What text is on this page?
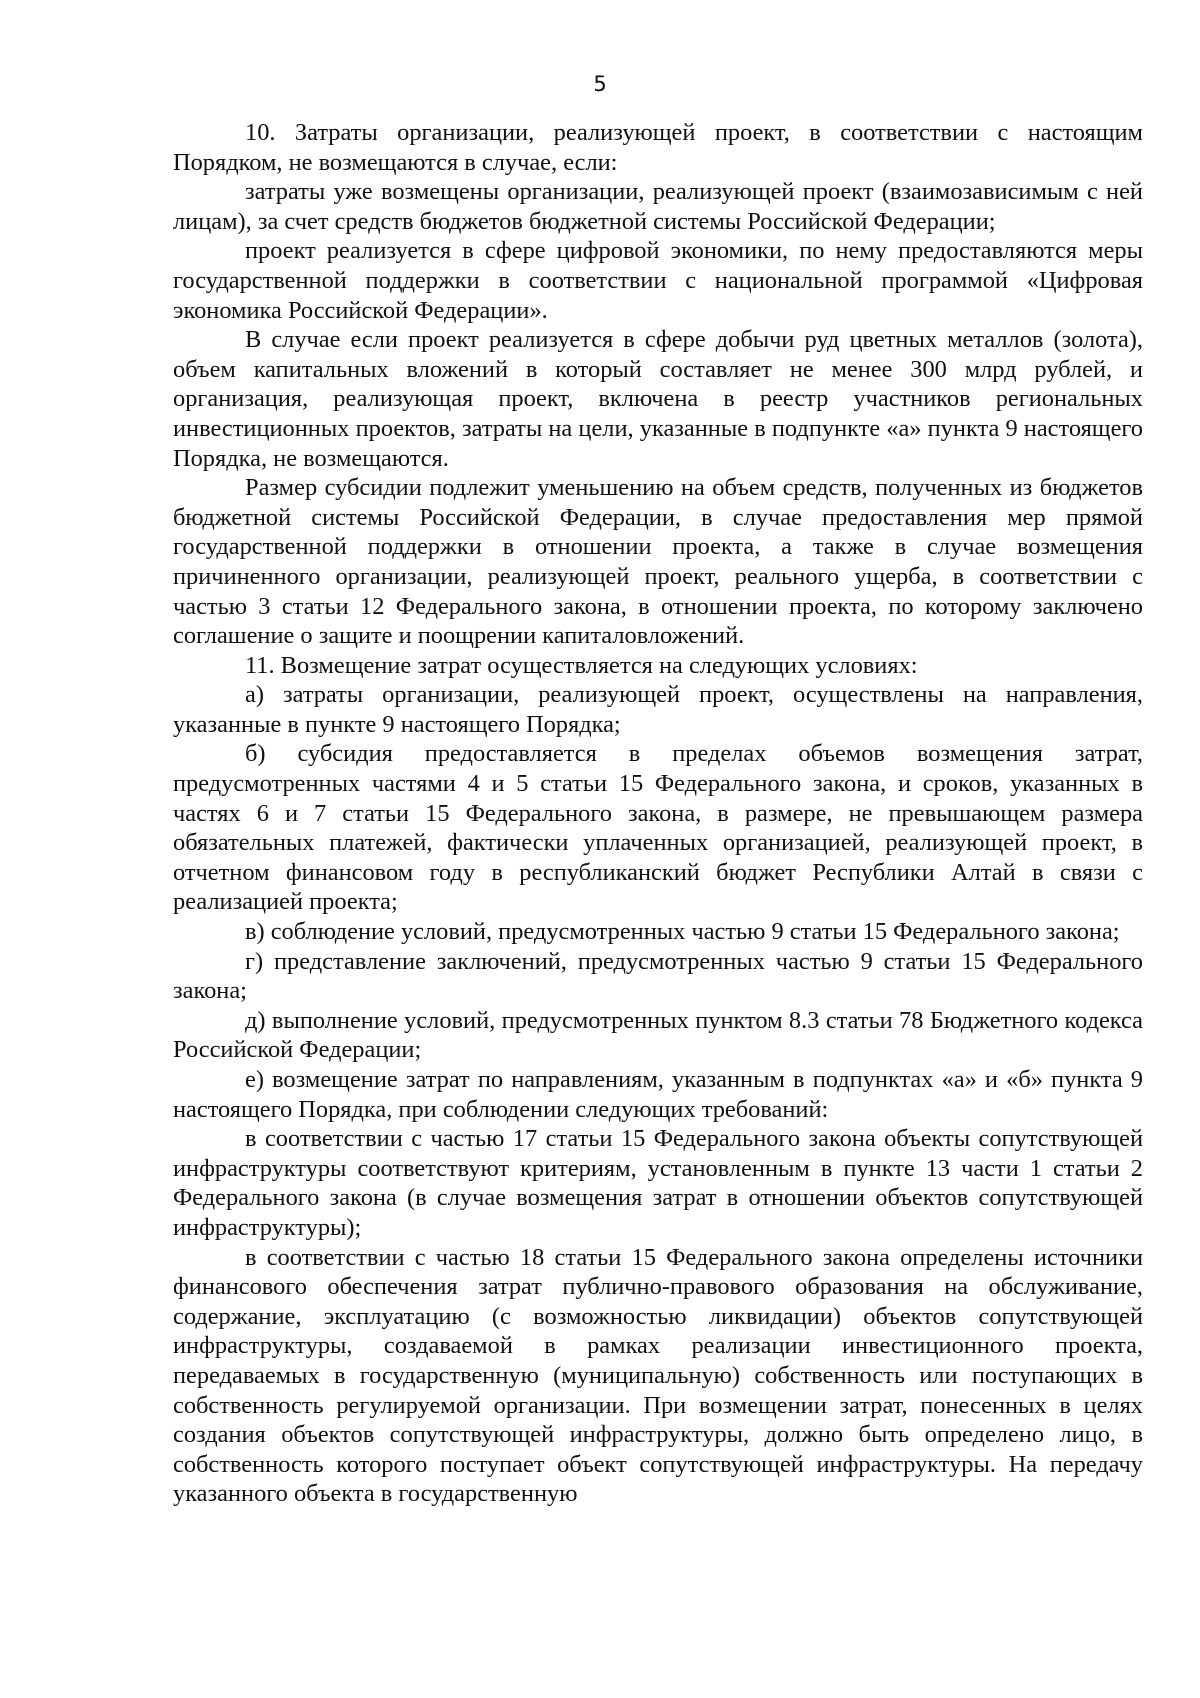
5

10. Затраты организации, реализующей проект, в соответствии с настоящим Порядком, не возмещаются в случае, если:

затраты уже возмещены организации, реализующей проект (взаимозависимым с ней лицам), за счет средств бюджетов бюджетной системы Российской Федерации;

проект реализуется в сфере цифровой экономики, по нему предоставляются меры государственной поддержки в соответствии с национальной программой «Цифровая экономика Российской Федерации».

В случае если проект реализуется в сфере добычи руд цветных металлов (золота), объем капитальных вложений в который составляет не менее 300 млрд рублей, и организация, реализующая проект, включена в реестр участников региональных инвестиционных проектов, затраты на цели, указанные в подпункте «а» пункта 9 настоящего Порядка, не возмещаются.

Размер субсидии подлежит уменьшению на объем средств, полученных из бюджетов бюджетной системы Российской Федерации, в случае предоставления мер прямой государственной поддержки в отношении проекта, а также в случае возмещения причиненного организации, реализующей проект, реального ущерба, в соответствии с частью 3 статьи 12 Федерального закона, в отношении проекта, по которому заключено соглашение о защите и поощрении капиталовложений.

11. Возмещение затрат осуществляется на следующих условиях:

а) затраты организации, реализующей проект, осуществлены на направления, указанные в пункте 9 настоящего Порядка;

б) субсидия предоставляется в пределах объемов возмещения затрат, предусмотренных частями 4 и 5 статьи 15 Федерального закона, и сроков, указанных в частях 6 и 7 статьи 15 Федерального закона, в размере, не превышающем размера обязательных платежей, фактически уплаченных организацией, реализующей проект, в отчетном финансовом году в республиканский бюджет Республики Алтай в связи с реализацией проекта;

в) соблюдение условий, предусмотренных частью 9 статьи 15 Федерального закона;

г) представление заключений, предусмотренных частью 9 статьи 15 Федерального закона;

д) выполнение условий, предусмотренных пунктом 8.3 статьи 78 Бюджетного кодекса Российской Федерации;

е) возмещение затрат по направлениям, указанным в подпунктах «а» и «б» пункта 9 настоящего Порядка, при соблюдении следующих требований:

в соответствии с частью 17 статьи 15 Федерального закона объекты сопутствующей инфраструктуры соответствуют критериям, установленным в пункте 13 части 1 статьи 2 Федерального закона (в случае возмещения затрат в отношении объектов сопутствующей инфраструктуры);

в соответствии с частью 18 статьи 15 Федерального закона определены источники финансового обеспечения затрат публично-правового образования на обслуживание, содержание, эксплуатацию (с возможностью ликвидации) объектов сопутствующей инфраструктуры, создаваемой в рамках реализации инвестиционного проекта, передаваемых в государственную (муниципальную) собственность или поступающих в собственность регулируемой организации. При возмещении затрат, понесенных в целях создания объектов сопутствующей инфраструктуры, должно быть определено лицо, в собственность которого поступает объект сопутствующей инфраструктуры. На передачу указанного объекта в государственную
